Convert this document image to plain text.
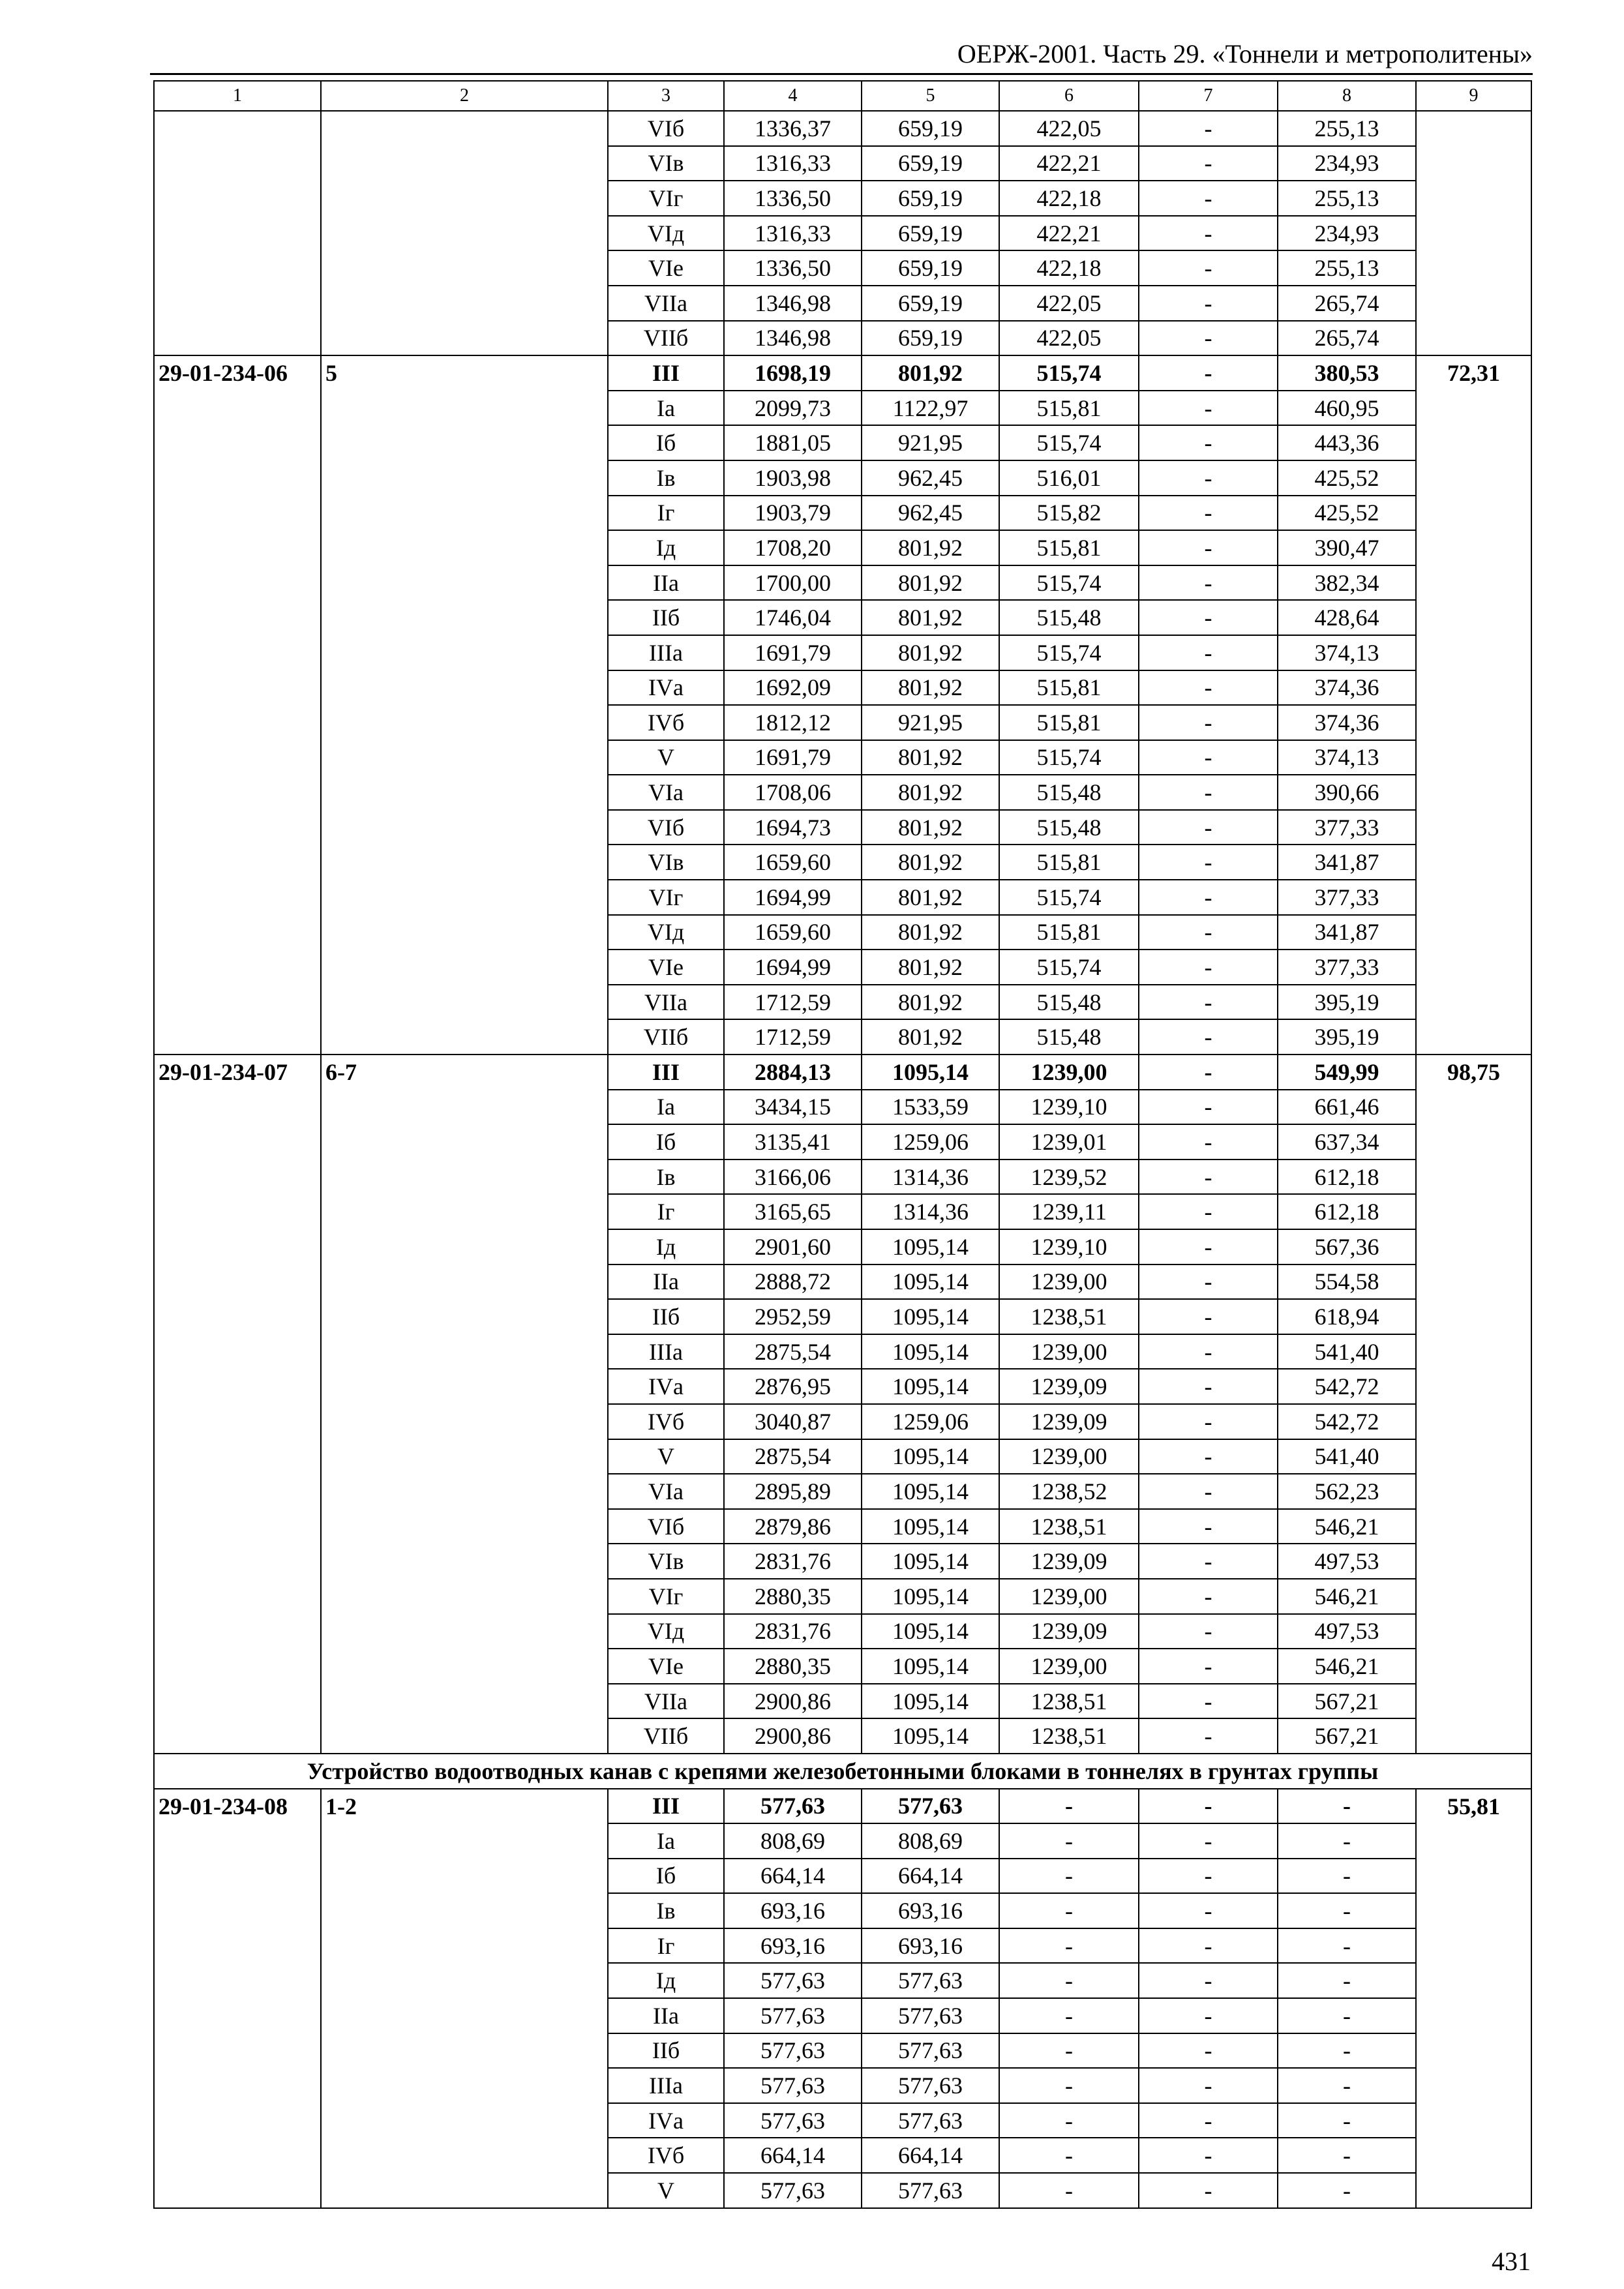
ОЕРЖ-2001. Часть 29. «Тоннели и метрополитены»
1	2	3	4	5	6	7	8	9
		VIб	1336,37	659,19	422,05	-	255,13	
		VIв	1316,33	659,19	422,21	-	234,93	
		VIг	1336,50	659,19	422,18	-	255,13	
		VIд	1316,33	659,19	422,21	-	234,93	
		VIе	1336,50	659,19	422,18	-	255,13	
		VIIа	1346,98	659,19	422,05	-	265,74	
		VIIб	1346,98	659,19	422,05	-	265,74	
29-01-234-06	5	III	1698,19	801,92	515,74	-	380,53	72,31
		Iа	2099,73	1122,97	515,81	-	460,95	
		Iб	1881,05	921,95	515,74	-	443,36	
		Iв	1903,98	962,45	516,01	-	425,52	
		Iг	1903,79	962,45	515,82	-	425,52	
		Iд	1708,20	801,92	515,81	-	390,47	
		IIа	1700,00	801,92	515,74	-	382,34	
		IIб	1746,04	801,92	515,48	-	428,64	
		IIIа	1691,79	801,92	515,74	-	374,13	
		IVа	1692,09	801,92	515,81	-	374,36	
		IVб	1812,12	921,95	515,81	-	374,36	
		V	1691,79	801,92	515,74	-	374,13	
		VIа	1708,06	801,92	515,48	-	390,66	
		VIб	1694,73	801,92	515,48	-	377,33	
		VIв	1659,60	801,92	515,81	-	341,87	
		VIг	1694,99	801,92	515,74	-	377,33	
		VIд	1659,60	801,92	515,81	-	341,87	
		VIе	1694,99	801,92	515,74	-	377,33	
		VIIа	1712,59	801,92	515,48	-	395,19	
		VIIб	1712,59	801,92	515,48	-	395,19	
29-01-234-07	6-7	III	2884,13	1095,14	1239,00	-	549,99	98,75
		Iа	3434,15	1533,59	1239,10	-	661,46	
		Iб	3135,41	1259,06	1239,01	-	637,34	
		Iв	3166,06	1314,36	1239,52	-	612,18	
		Iг	3165,65	1314,36	1239,11	-	612,18	
		Iд	2901,60	1095,14	1239,10	-	567,36	
		IIа	2888,72	1095,14	1239,00	-	554,58	
		IIб	2952,59	1095,14	1238,51	-	618,94	
		IIIа	2875,54	1095,14	1239,00	-	541,40	
		IVа	2876,95	1095,14	1239,09	-	542,72	
		IVб	3040,87	1259,06	1239,09	-	542,72	
		V	2875,54	1095,14	1239,00	-	541,40	
		VIа	2895,89	1095,14	1238,52	-	562,23	
		VIб	2879,86	1095,14	1238,51	-	546,21	
		VIв	2831,76	1095,14	1239,09	-	497,53	
		VIг	2880,35	1095,14	1239,00	-	546,21	
		VIд	2831,76	1095,14	1239,09	-	497,53	
		VIе	2880,35	1095,14	1239,00	-	546,21	
		VIIа	2900,86	1095,14	1238,51	-	567,21	
		VIIб	2900,86	1095,14	1238,51	-	567,21	
Устройство водоотводных канав с крепями железобетонными блоками в тоннелях в грунтах группы								
29-01-234-08	1-2	III	577,63	577,63	-	-	-	55,81
		Iа	808,69	808,69	-	-	-	
		Iб	664,14	664,14	-	-	-	
		Iв	693,16	693,16	-	-	-	
		Iг	693,16	693,16	-	-	-	
		Iд	577,63	577,63	-	-	-	
		IIа	577,63	577,63	-	-	-	
		IIб	577,63	577,63	-	-	-	
		IIIа	577,63	577,63	-	-	-	
		IVа	577,63	577,63	-	-	-	
		IVб	664,14	664,14	-	-	-	
		V	577,63	577,63	-	-	-	
431
